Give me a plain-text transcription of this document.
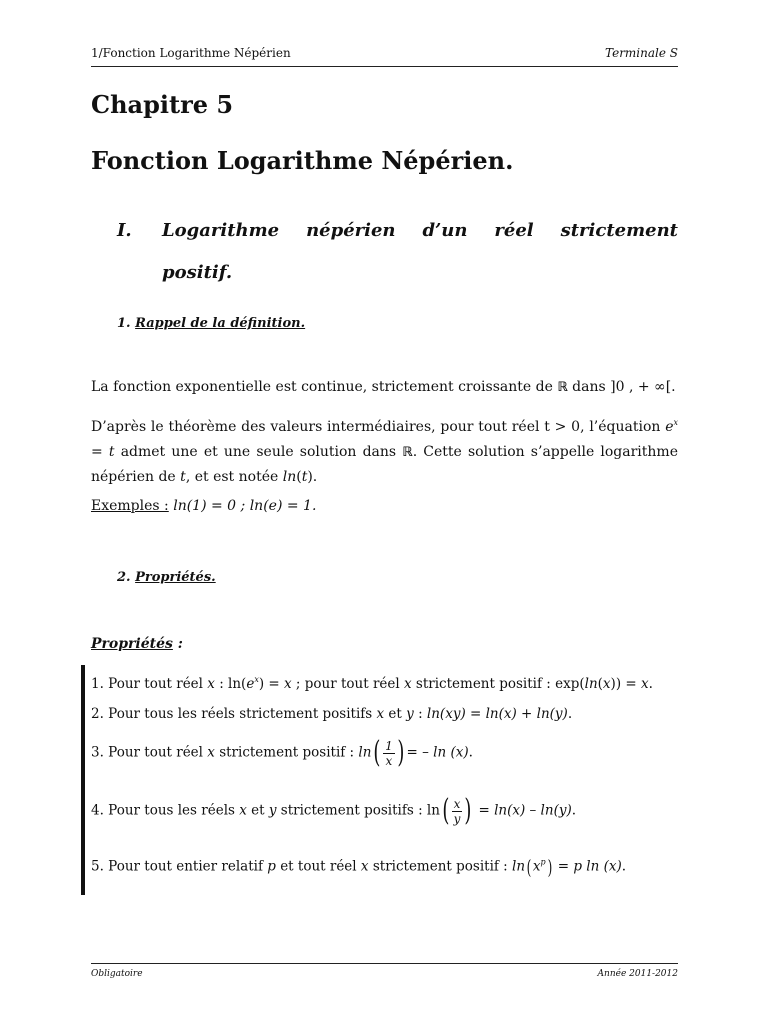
1/Fonction Logarithme Népérien	Terminale S
Chapitre 5
Fonction Logarithme Népérien.
I. Logarithme népérien d’un réel strictement
positif.
1. Rappel de la définition.
La fonction exponentielle est continue, strictement croissante de ℝ dans ]0 , + ∞[.
D’après le théorème des valeurs intermédiaires, pour tout réel t > 0, l’équation $e^x = t$ admet une et une seule solution dans ℝ. Cette solution s’appelle logarithme népérien de t, et est notée ln(t).
Exemples : ln(1) = 0 ; ln(e) = 1.
2. Propriétés.
Propriétés :
1. Pour tout réel x : $\ln(e^x) = x$ ; pour tout réel x strictement positif : exp(ln(x)) = x.
2. Pour tous les réels strictement positifs x et y : ln(xy) = ln(x) + ln(y).
3. Pour tout réel x strictement positif : $\ln( \frac{1}{x}$ ) = – ln (x).
4. Pour tous les réels x et y strictement positifs : $\ln( \frac{x}{y}$ ) = ln(x) – ln(y).
5. Pour tout entier relatif p et tout réel x strictement positif : ln( $x^p) = p$ ln (x).
Obligatoire	Année 2011-2012
